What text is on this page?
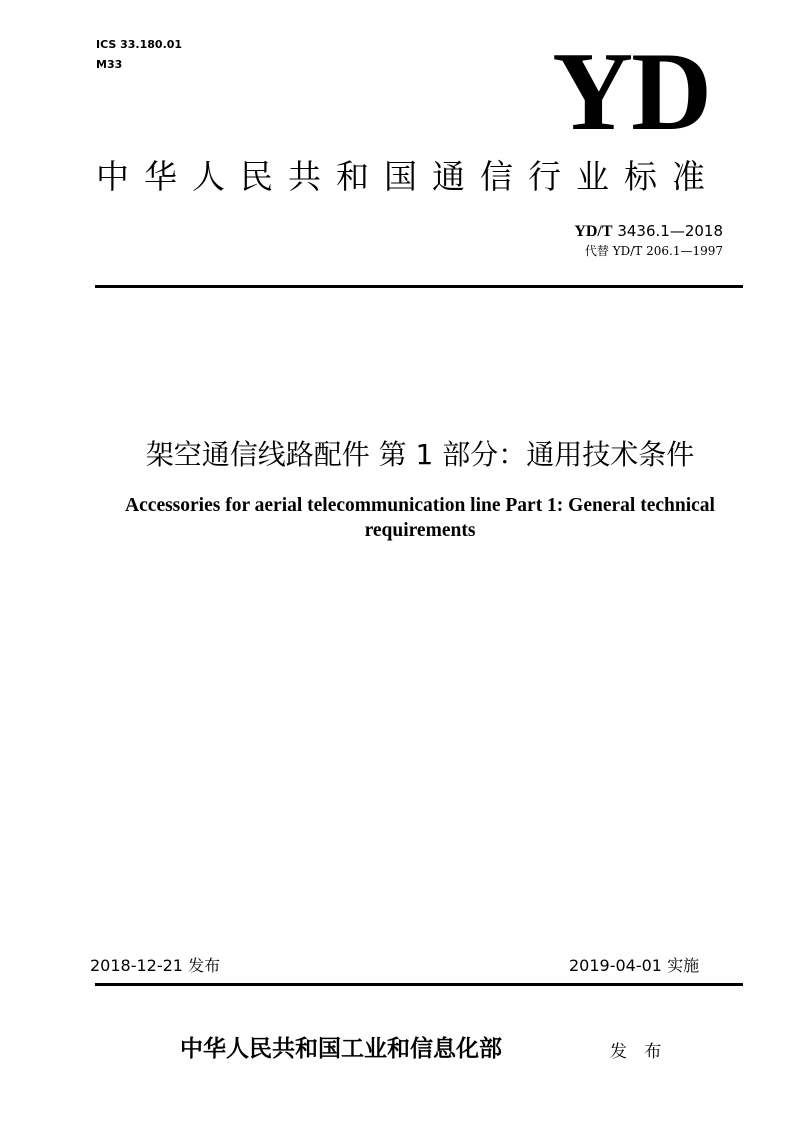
ICS 33.180.01
M33	YD
中华人民共和国通信行业标准
YD/T 3436.1—2018
代替 YD/T 206.1—1997
架空通信线路配件 第 1 部分：通用技术条件
Accessories for aerial telecommunication line Part 1: General technical
requirements
2018-12-21 发布	2019-04-01 实施
中华人民共和国工业和信息化部	发 布
